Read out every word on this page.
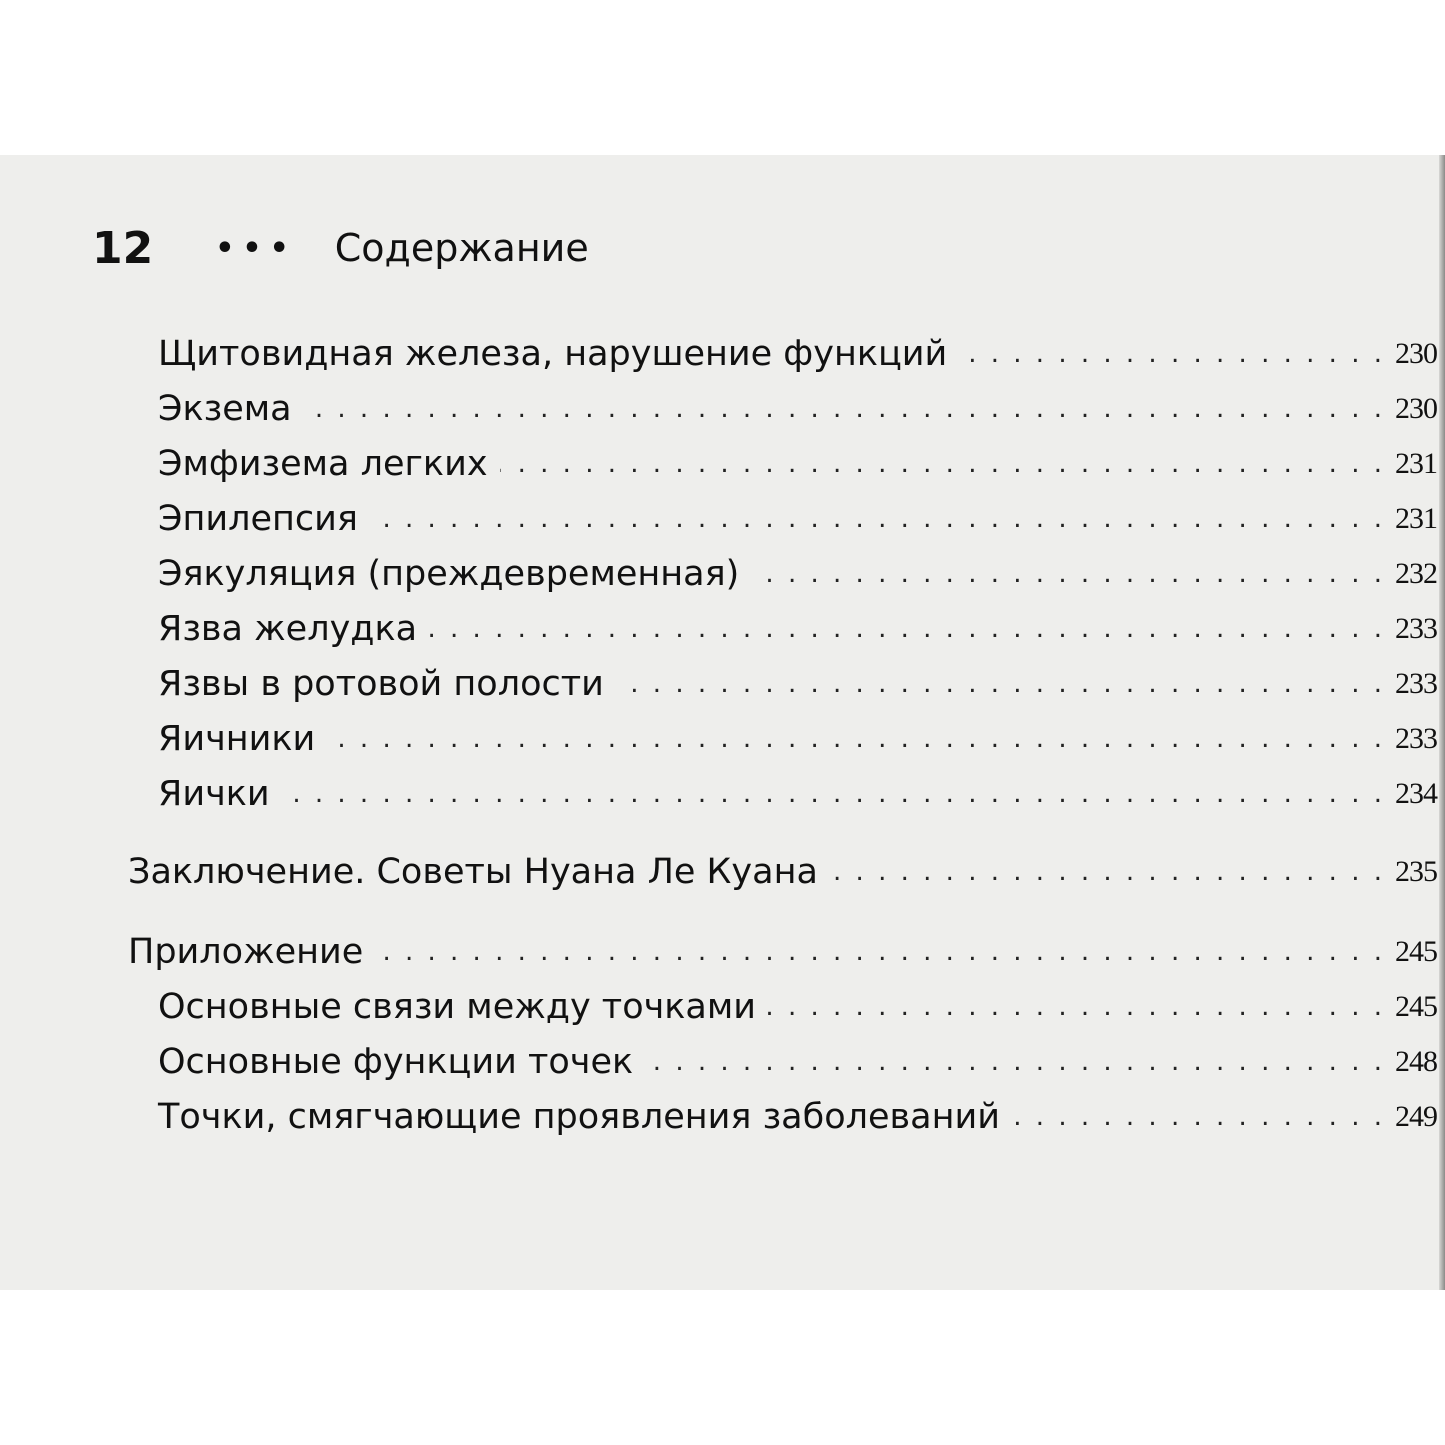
12 ••• Содержание
Щитовидная железа, нарушение функций . . .	230
Экзема . . .	230
Эмфизема легких . . .	231
Эпилепсия . . .	231
Эякуляция (преждевременная) . . .	232
Язва желудка . . .	233
Язвы в ротовой полости . . .	233
Яичники . . .	233
Яички . . .	234
Заключение. Советы Нуана Ле Куана . . .	235
Приложение . . .	245
Основные связи между точками . . .	245
Основные функции точек . . .	248
Точки, смягчающие проявления заболеваний . . .	249
